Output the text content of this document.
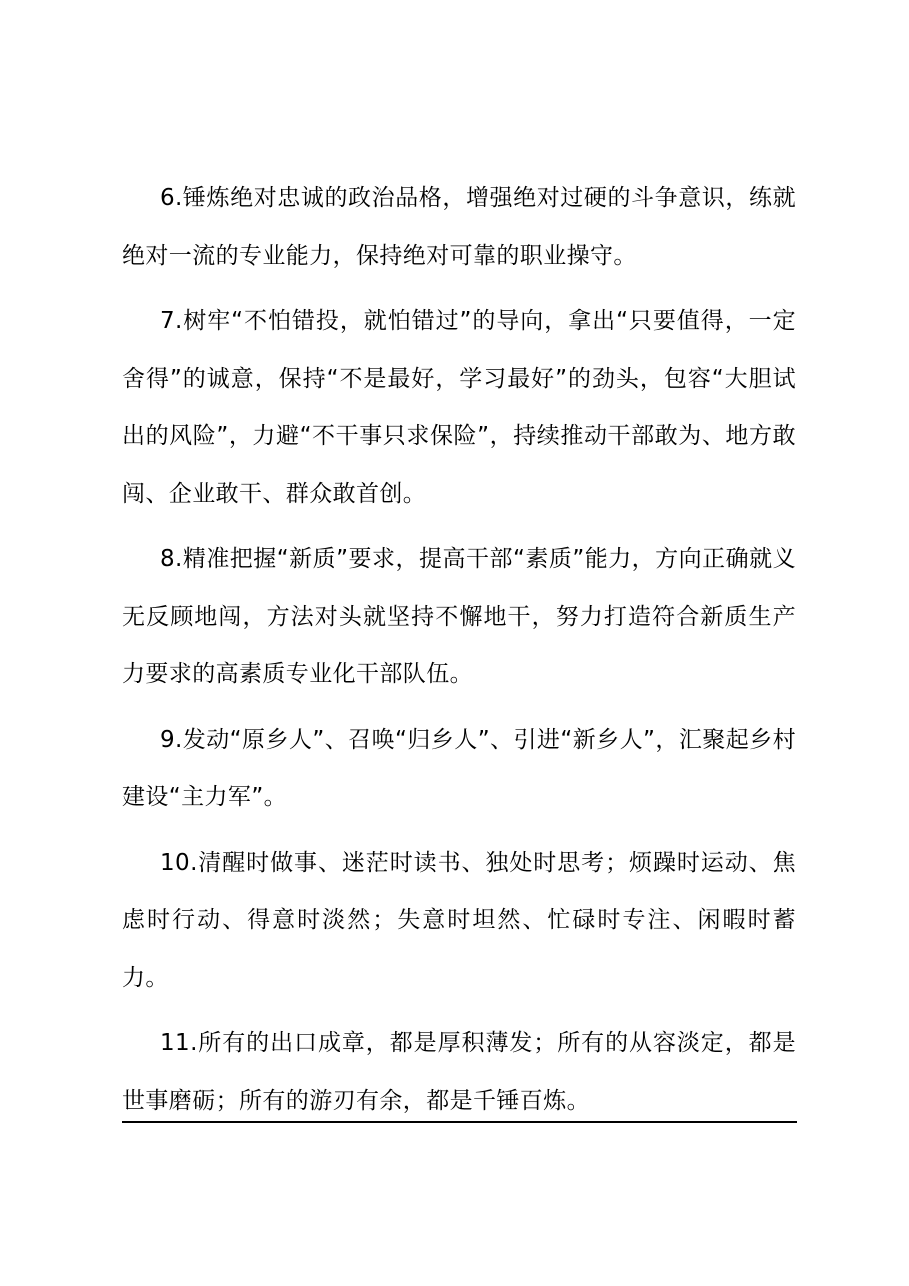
6.锤炼绝对忠诚的政治品格，增强绝对过硬的斗争意识，练就绝对一流的专业能力，保持绝对可靠的职业操守。

7.树牢“不怕错投，就怕错过”的导向，拿出“只要值得，一定舍得”的诚意，保持“不是最好，学习最好”的劲头，包容“大胆试出的风险”，力避“不干事只求保险”，持续推动干部敢为、地方敢闯、企业敢干、群众敢首创。

8.精准把握“新质”要求，提高干部“素质”能力，方向正确就义无反顾地闯，方法对头就坚持不懈地干，努力打造符合新质生产力要求的高素质专业化干部队伍。

9.发动“原乡人”、召唤“归乡人”、引进“新乡人”，汇聚起乡村建设“主力军”。

10.清醒时做事、迷茫时读书、独处时思考；烦躁时运动、焦虑时行动、得意时淡然；失意时坦然、忙碌时专注、闲暇时蓄力。

11.所有的出口成章，都是厚积薄发；所有的从容淡定，都是世事磨砺；所有的游刃有余，都是千锤百炼。
